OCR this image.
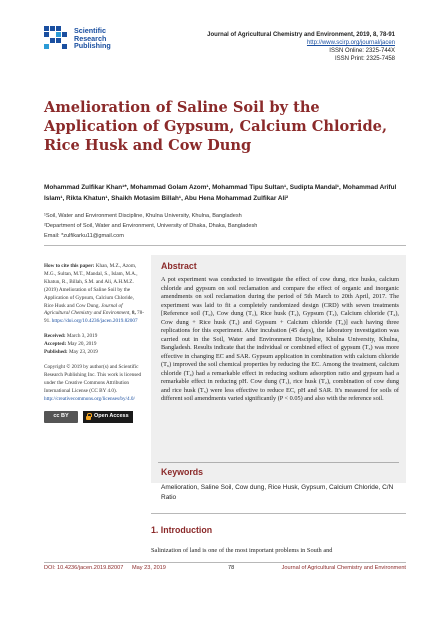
Scientific
Research
Publishing
Journal of Agricultural Chemistry and Environment, 2019, 8, 78-91
http://www.scirp.org/journal/jacen
ISSN Online: 2325-744X
ISSN Print: 2325-7458
Amelioration of Saline Soil by the Application of Gypsum, Calcium Chloride, Rice Husk and Cow Dung
Mohammad Zulfikar Khan¹*, Mohammad Golam Azom¹, Mohammad Tipu Sultan¹, Sudipta Mandal¹, Mohammad Ariful Islam¹, Rikta Khatun¹, Shaikh Motasim Billah¹, Abu Hena Mohammad Zulfikar Ali²
¹Soil, Water and Environment Discipline, Khulna University, Khulna, Bangladesh
²Department of Soil, Water and Environment, University of Dhaka, Dhaka, Bangladesh
Email: *zulfikarku11@gmail.com

How to cite this paper: Khan, M.Z., Azom, M.G., Sultan, M.T., Mandal, S., Islam, M.A., Khatun, R., Billah, S.M. and Ali, A.H.M.Z. (2019) Amelioration of Saline Soil by the Application of Gypsum, Calcium Chloride, Rice Husk and Cow Dung. Journal of Agricultural Chemistry and Environment, 8, 78-91. https://doi.org/10.4236/jacen.2019.82007

Received: March 3, 2019
Accepted: May 20, 2019
Published: May 23, 2019

Copyright © 2019 by author(s) and Scientific Research Publishing Inc. This work is licensed under the Creative Commons Attribution International License (CC BY 4.0).
http://creativecommons.org/licenses/by/4.0/

cc BY	Open Access
Abstract

A pot experiment was conducted to investigate the effect of cow dung, rice husks, calcium chloride and gypsum on soil reclamation and compare the effect of organic and inorganic amendments on soil reclamation during the period of 5th March to 20th April, 2017. The experiment was laid to fit a completely randomized design (CRD) with seven treatments [Reference soil (T₀), Cow dung (T₁), Rice husk (T₂), Gypsum (T₃), Calcium chloride (T₄), Cow dung + Rice husk (T₅) and Gypsum + Calcium chloride (T₆)] each having three replications for this experiment. After incubation (45 days), the laboratory investigation was carried out in the Soil, Water and Environment Discipline, Khulna University, Khulna, Bangladesh. Results indicate that the individual or combined effect of gypsum (T₃) was more effective in changing EC and SAR. Gypsum application in combination with calcium chloride (T₆) improved the soil chemical properties by reducing the EC. Among the treatment, calcium chloride (T₄) had a remarkable effect in reducing sodium adsorption ratio and gypsum had a remarkable effect in reducing pH. Cow dung (T₁), rice husk (T₂), combination of cow dung and rice husk (T₅) were less effective to reduce EC, pH and SAR. It's measured for soils of different soil amendments varied significantly (P < 0.05) and also with the reference soil.

Keywords

Amelioration, Saline Soil, Cow dung, Rice Husk, Gypsum, Calcium Chloride, C/N Ratio

1. Introduction

Salinization of land is one of the most important problems in South and

DOI: 10.4236/jacen.2019.82007 May 23, 2019	78	Journal of Agricultural Chemistry and Environment
